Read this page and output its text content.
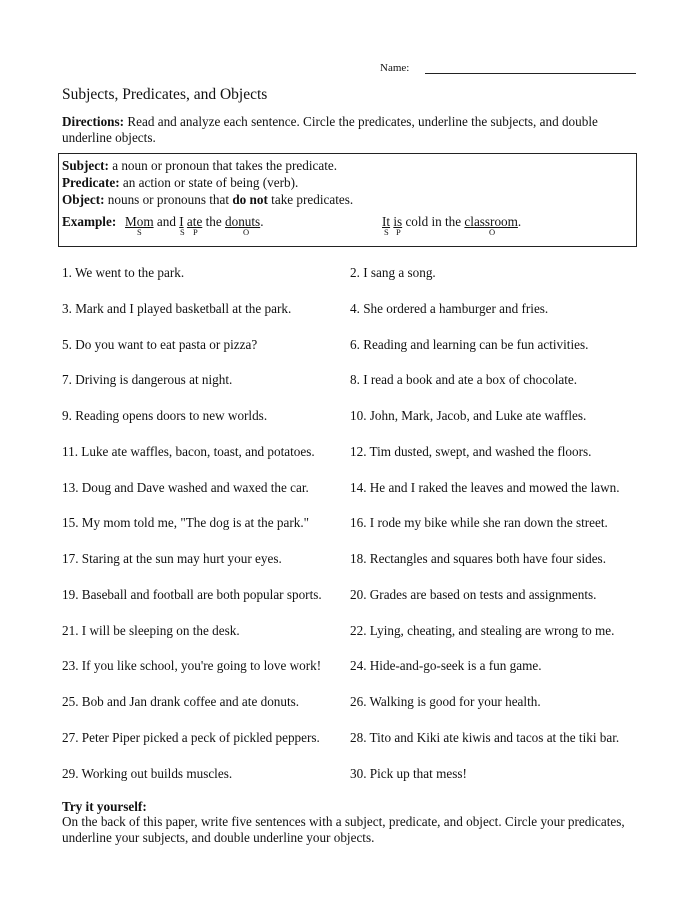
Name:
Subjects, Predicates, and Objects
Directions: Read and analyze each sentence. Circle the predicates, underline the subjects, and double underline objects.
Subject: a noun or pronoun that takes the predicate.
Predicate: an action or state of being (verb).
Object: nouns or pronouns that do not take predicates.
Example: Mom and I ate the donuts.
S	S P	O
It is cold in the classroom.
S P	O
1. We went to the park.	2. I sang a song.
3. Mark and I played basketball at the park.	4. She ordered a hamburger and fries.
5. Do you want to eat pasta or pizza?	6. Reading and learning can be fun activities.
7. Driving is dangerous at night.	8. I read a book and ate a box of chocolate.
9. Reading opens doors to new worlds.	10. John, Mark, Jacob, and Luke ate waffles.
11. Luke ate waffles, bacon, toast, and potatoes.	12. Tim dusted, swept, and washed the floors.
13. Doug and Dave washed and waxed the car.	14. He and I raked the leaves and mowed the lawn.
15. My mom told me, "The dog is at the park."	16. I rode my bike while she ran down the street.
17. Staring at the sun may hurt your eyes.	18. Rectangles and squares both have four sides.
19. Baseball and football are both popular sports. 20. Grades are based on tests and assignments.
21. I will be sleeping on the desk.	22. Lying, cheating, and stealing are wrong to me.
23. If you like school, you're going to love work! 24. Hide-and-go-seek is a fun game.
25. Bob and Jan drank coffee and ate donuts.	26. Walking is good for your health.
27. Peter Piper picked a peck of pickled peppers. 28. Tito and Kiki ate kiwis and tacos at the tiki bar.
29. Working out builds muscles.	30. Pick up that mess!
Try it yourself:
On the back of this paper, write five sentences with a subject, predicate, and object. Circle your predicates, underline your subjects, and double underline your objects.
